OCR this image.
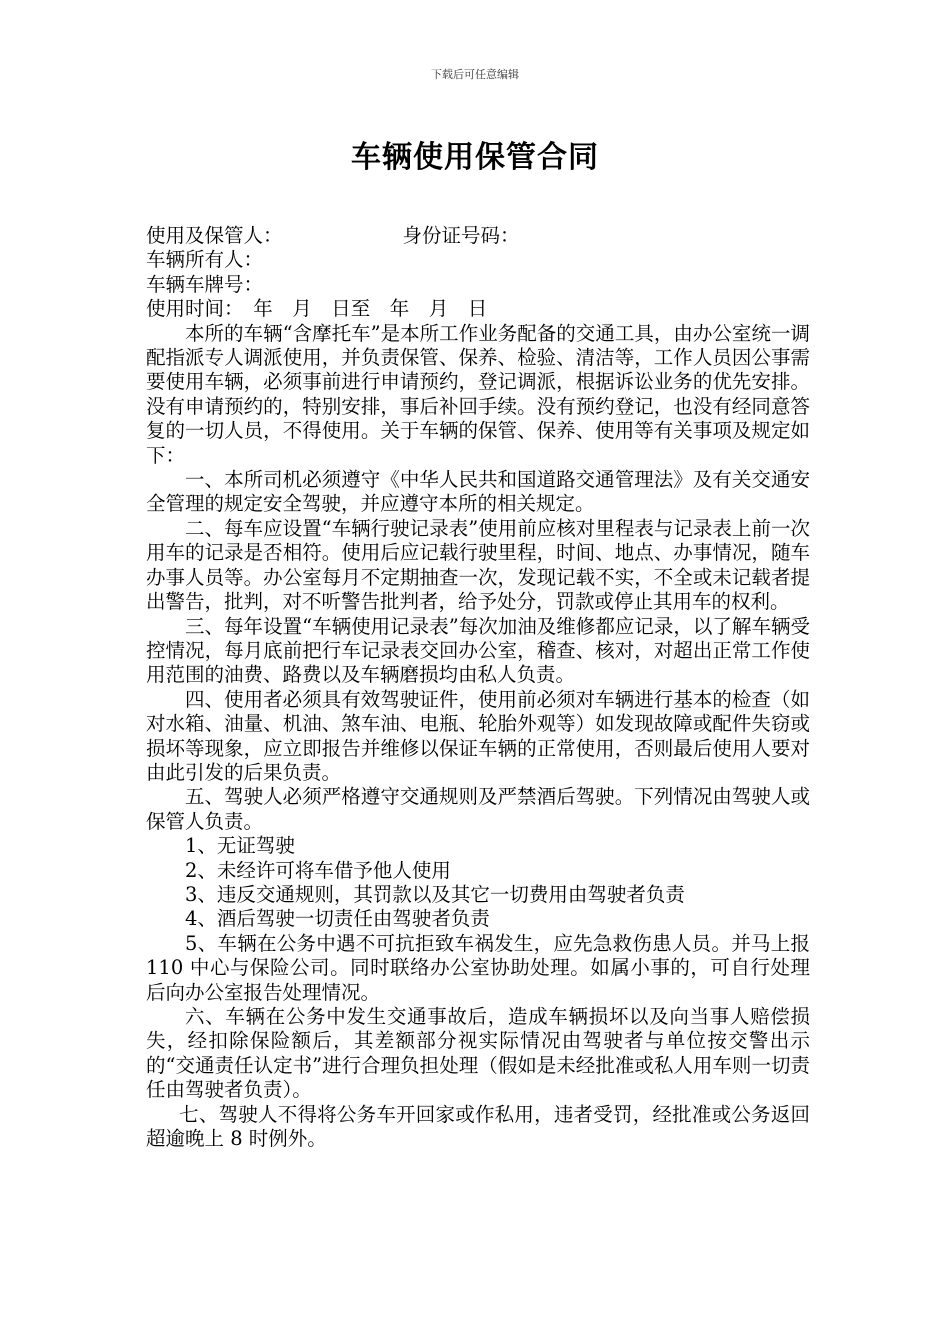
下载后可任意编辑
车辆使用保管合同

使用及保管人：	身份证号码：

车辆所有人：

车辆车牌号：

使用时间：　年　月　日至　年　月　日

本所的车辆“含摩托车”是本所工作业务配备的交通工具，由办公室统一调配指派专人调派使用，并负责保管、保养、检验、清洁等，工作人员因公事需要使用车辆，必须事前进行申请预约，登记调派，根据诉讼业务的优先安排。没有申请预约的，特别安排，事后补回手续。没有预约登记，也没有经同意答复的一切人员，不得使用。关于车辆的保管、保养、使用等有关事项及规定如下：

一、本所司机必须遵守《中华人民共和国道路交通管理法》及有关交通安全管理的规定安全驾驶，并应遵守本所的相关规定。

二、每车应设置“车辆行驶记录表”使用前应核对里程表与记录表上前一次用车的记录是否相符。使用后应记载行驶里程，时间、地点、办事情况，随车办事人员等。办公室每月不定期抽查一次，发现记载不实，不全或未记载者提出警告，批判，对不听警告批判者，给予处分，罚款或停止其用车的权利。

三、每年设置“车辆使用记录表”每次加油及维修都应记录，以了解车辆受控情况，每月底前把行车记录表交回办公室，稽查、核对，对超出正常工作使用范围的油费、路费以及车辆磨损均由私人负责。

四、使用者必须具有效驾驶证件，使用前必须对车辆进行基本的检查（如对水箱、油量、机油、煞车油、电瓶、轮胎外观等）如发现故障或配件失窃或损坏等现象，应立即报告并维修以保证车辆的正常使用，否则最后使用人要对由此引发的后果负责。

五、驾驶人必须严格遵守交通规则及严禁酒后驾驶。下列情况由驾驶人或保管人负责。

1、无证驾驶

2、未经许可将车借予他人使用

3、违反交通规则，其罚款以及其它一切费用由驾驶者负责

4、酒后驾驶一切责任由驾驶者负责

5、车辆在公务中遇不可抗拒致车祸发生，应先急救伤患人员。并马上报 110 中心与保险公司。同时联络办公室协助处理。如属小事的，可自行处理后向办公室报告处理情况。

六、车辆在公务中发生交通事故后，造成车辆损坏以及向当事人赔偿损失，经扣除保险额后，其差额部分视实际情况由驾驶者与单位按交警出示的“交通责任认定书”进行合理负担处理（假如是未经批准或私人用车则一切责任由驾驶者负责）。

七、驾驶人不得将公务车开回家或作私用，违者受罚，经批准或公务返回超逾晚上 8 时例外。
